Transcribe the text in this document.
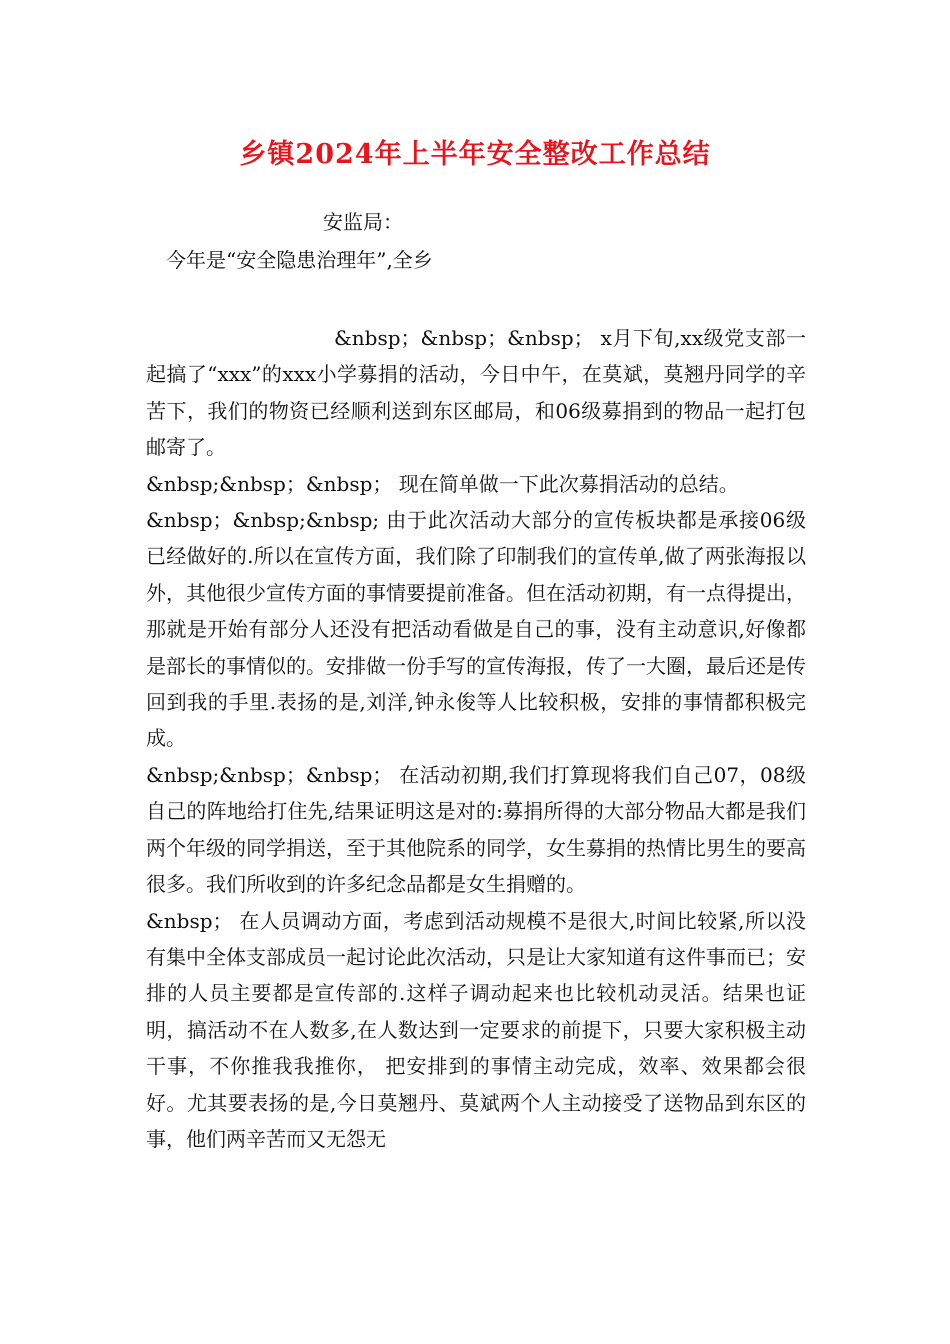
乡镇2024年上半年安全整改工作总结
安监局：
今年是“安全隐患治理年”,全乡

&nbsp；&nbsp；&nbsp； x月下旬,xx级党支部一起搞了“xxx”的xxx小学募捐的活动，今日中午，在莫斌，莫翘丹同学的辛苦下，我们的物资已经顺利送到东区邮局，和06级募捐到的物品一起打包邮寄了。

&nbsp;&nbsp；&nbsp； 现在简单做一下此次募捐活动的总结。

&nbsp；&nbsp;&nbsp; 由于此次活动大部分的宣传板块都是承接06级已经做好的.所以在宣传方面，我们除了印制我们的宣传单,做了两张海报以外，其他很少宣传方面的事情要提前准备。但在活动初期，有一点得提出，那就是开始有部分人还没有把活动看做是自己的事，没有主动意识,好像都是部长的事情似的。安排做一份手写的宣传海报，传了一大圈，最后还是传回到我的手里.表扬的是,刘洋,钟永俊等人比较积极，安排的事情都积极完成。

&nbsp;&nbsp；&nbsp； 在活动初期,我们打算现将我们自己07，08级自己的阵地给打住先,结果证明这是对的:募捐所得的大部分物品大都是我们两个年级的同学捐送，至于其他院系的同学，女生募捐的热情比男生的要高很多。我们所收到的许多纪念品都是女生捐赠的。

&nbsp； 在人员调动方面，考虑到活动规模不是很大,时间比较紧,所以没有集中全体支部成员一起讨论此次活动，只是让大家知道有这件事而已；安排的人员主要都是宣传部的.这样子调动起来也比较机动灵活。结果也证明，搞活动不在人数多,在人数达到一定要求的前提下，只要大家积极主动干事，不你推我我推你， 把安排到的事情主动完成，效率、效果都会很好。尤其要表扬的是,今日莫翘丹、莫斌两个人主动接受了送物品到东区的事，他们两辛苦而又无怨无
